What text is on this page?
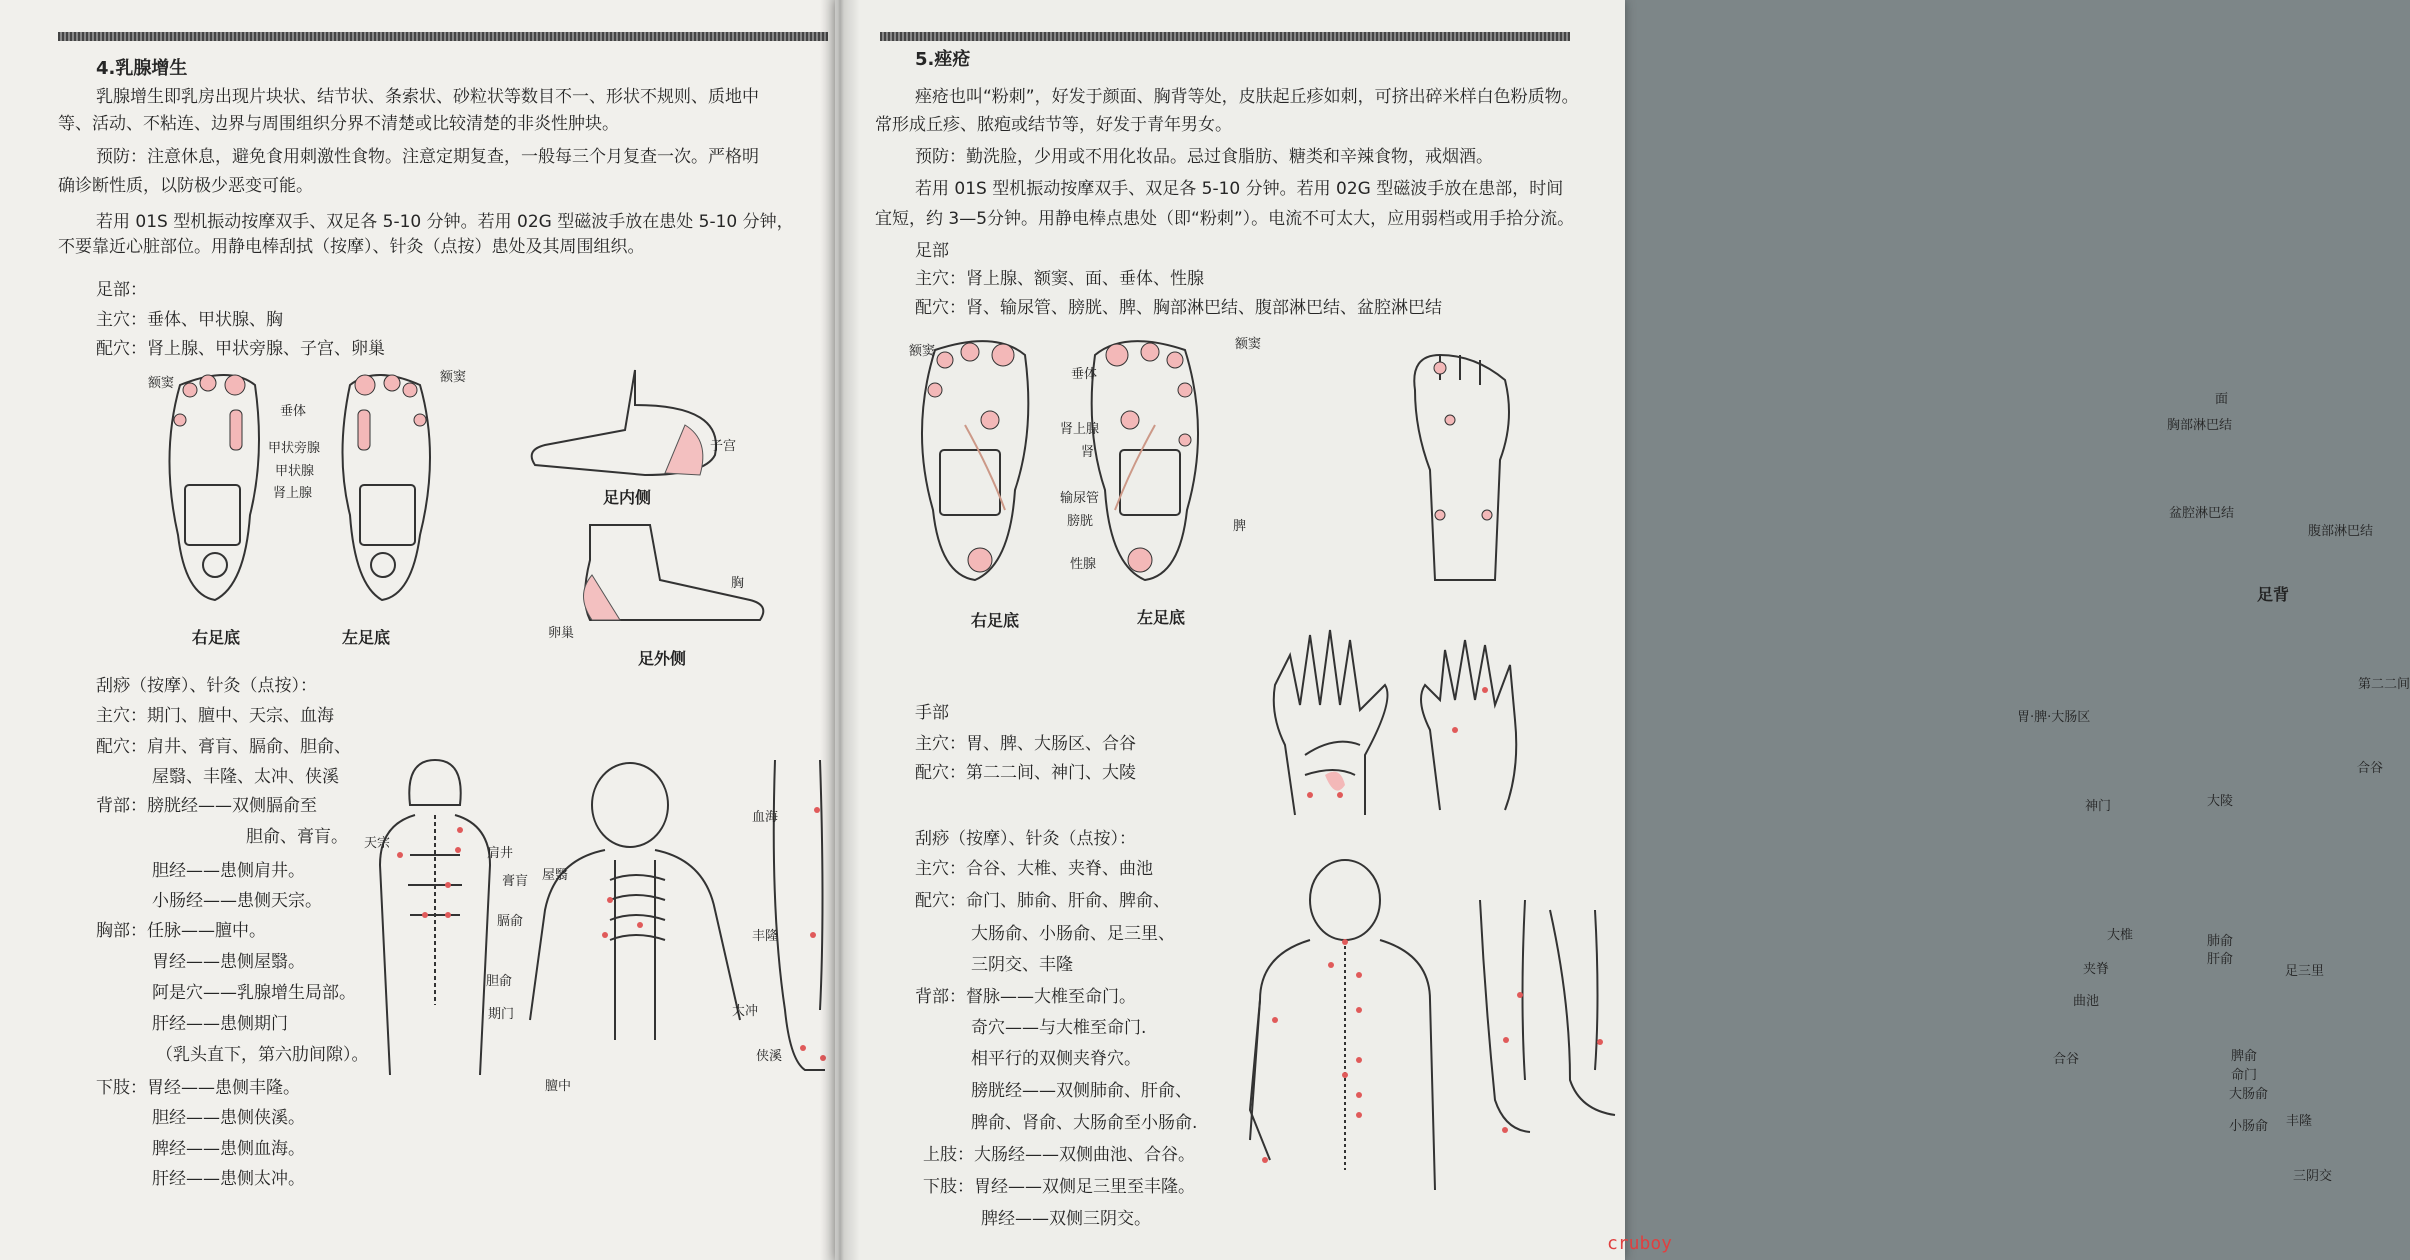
4.乳腺增生
乳腺增生即乳房出现片块状、结节状、条索状、砂粒状等数目不一、形状不规则、质地中
等、活动、不粘连、边界与周围组织分界不清楚或比较清楚的非炎性肿块。
预防：注意休息，避免食用刺激性食物。注意定期复查，一般每三个月复查一次。严格明
确诊断性质，以防极少恶变可能。
若用 01S 型机振动按摩双手、双足各 5-10 分钟。若用 02G 型磁波手放在患处 5-10 分钟，
不要靠近心脏部位。用静电棒刮拭（按摩）、针灸（点按）患处及其周围组织。
足部：
主穴：垂体、甲状腺、胸
配穴：肾上腺、甲状旁腺、子宫、卵巢
额窦	额窦
垂体
甲状旁腺
甲状腺
肾上腺
右足底	左足底
子宫
足内侧
胸
卵巢
足外侧
刮痧（按摩）、针灸（点按）：
主穴：期门、膻中、天宗、血海
配穴：肩井、膏肓、膈俞、胆俞、
屋翳、丰隆、太冲、侠溪
背部：膀胱经——双侧膈俞至
胆俞、膏肓。
胆经——患侧肩井。
小肠经——患侧天宗。
胸部：任脉——膻中。
胃经——患侧屋翳。
阿是穴——乳腺增生局部。
肝经——患侧期门
（乳头直下，第六肋间隙）。
下肢：胃经——患侧丰隆。
胆经——患侧侠溪。
脾经——患侧血海。
肝经——患侧太冲。
天宗
肩井
膏肓
膈俞
胆俞
屋翳
期门
膻中
血海
丰隆
太冲
侠溪
5.痤疮
痤疮也叫“粉刺”，好发于颜面、胸背等处，皮肤起丘疹如刺，可挤出碎米样白色粉质物。
常形成丘疹、脓疱或结节等，好发于青年男女。
预防：勤洗脸，少用或不用化妆品。忌过食脂肪、糖类和辛辣食物，戒烟酒。
若用 01S 型机振动按摩双手、双足各 5-10 分钟。若用 02G 型磁波手放在患部，时间
宜短，约 3—5分钟。用静电棒点患处（即“粉刺”）。电流不可太大，应用弱档或用手拾分流。
足部
主穴：肾上腺、额窦、面、垂体、性腺
配穴：肾、输尿管、膀胱、脾、胸部淋巴结、腹部淋巴结、盆腔淋巴结
额窦	额窦
垂体
肾上腺
肾
输尿管
膀胱
性腺
脾
右足底	左足底
面
胸部淋巴结
盆腔淋巴结
腹部淋巴结
足背
胃·脾·大肠区
神门	大陵
第二二间
合谷
手部
主穴：胃、脾、大肠区、合谷
配穴：第二二间、神门、大陵
刮痧（按摩）、针灸（点按）：
主穴：合谷、大椎、夹脊、曲池
配穴：命门、肺俞、肝俞、脾俞、
大肠俞、小肠俞、足三里、
三阴交、丰隆
背部：督脉——大椎至命门。
奇穴——与大椎至命门.
相平行的双侧夹脊穴。
膀胱经——双侧肺俞、肝俞、
脾俞、肾俞、大肠俞至小肠俞.
上肢：大肠经——双侧曲池、合谷。
下肢：胃经——双侧足三里至丰隆。
脾经——双侧三阴交。
大椎
夹脊
曲池
合谷
肺俞
肝俞
脾俞
命门
大肠俞
小肠俞
足三里
丰隆
三阴交
cruboy
